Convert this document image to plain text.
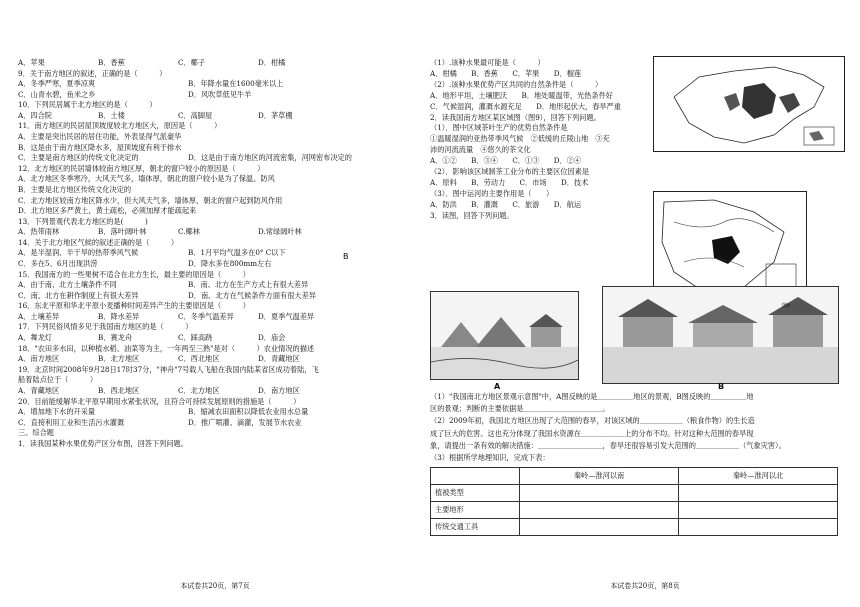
A．苹果	B．香蕉	C．椰子	D．柑橘
9．关于南方地区的叙述，正确的是（　　　）
A．冬季严寒，夏季凉爽	B．年降水量在1600毫米以上
C．山青水碧，鱼米之乡	D．风吹草低见牛羊
10．下列民居属于北方地区的是（　　　）
A．四合院	B．土楼	C．高脚屋	D．茅草棚
11．南方地区的民居屋顶坡度较北方地区大，原因是（　　　）
A．主要是突出民居的居住功能，外表显得气派豪华
B．这是由于南方地区降水多，屋顶坡度有利于排水
C．主要是南方地区的传统文化决定的	D．这是由于南方地区的河流密集，河网密布决定的
12．北方地区的民居墙体较南方地区厚，朝北的窗户较小的原因是（　　　）
A．北方地区冬季寒冷，大风天气多，墙体厚，朝北的窗户较小是为了保温、防风
B．主要是北方地区传统文化决定的
C．北方地区较南方地区降水少，但大风天气多，墙体厚，朝北的窗户起到防风作用
D．北方地区多严黄土，黄土疏松，必须加厚才能疏起来
13．下列景观代表北方地区的是(　　　)
A．热带雨林	B．落叶阔叶林	C.椰林	D.常绿阔叶林
14．关于北方地区气候的叙述正确的是（　　　）
A．是半湿润、半干旱的热带季风气候	B．1月平均气温多在0° C以下
C．多在5、6月出现洪涝	D．降水多在800mm左右
15．我国南方的一些果树不适合在北方生长，最主要的原因是（　　　）
A．由于南、北方土壤条件不同	B．南、北方在生产方式上有很大差异
C．南、北方在耕作制度上有很大差异	D．南、北方在气候条件方面有很大差异
16．东北平原和华北平原小麦播种时间差异产生的主要原因是（　　　）
A．土壤差异	B．降水差异	C．冬季气温差异	D．夏季气温差异
17．下列民俗风情多见于我国南方地区的是（　　　）
A．舞龙灯	B．赛龙舟	C．踩高跷	D．庙会
18．"农田多水田，以种植水稻、油菜等为主，一年两至三熟"是对（　　　）农业情况的描述
A．南方地区	B．北方地区	C．西北地区	D．青藏地区
19．北京时间2008年9月28日17时37分，"神舟"7号载人飞船在我国内陆某省区成功着陆，飞
船着陆点位于（　　　）
A．青藏地区	B．西北地区	C．北方地区	D．南方地区
20．目前能缓解华北平原早期用水紧张状况，且符合可持续发展原则的措施是（　　　）
A．增加地下水的开采量	B．缩减农田面积以降低农业用水总量
C．直接利用工业和生活污水灌溉	D．推广喷灌、滴灌，发展节水农业
三、综合题
1．读我国某种水果优势产区分布图，回答下列问题。
B
本试卷共20页，第7页
（1）.该种水果最可能是（　　　）
A．柑橘　　B．香蕉　　C．苹果　　D．榴莲
（2）.该种水果优势产区共同的自然条件是（　　　）
A．地形平坦，土壤肥沃　　B．地处暖温带，光热条件好
C．气候湿润，灌溉水源充足　　D．地形起伏大，春旱严重
2．读我国南方地区某区域图（图9），回答下列问题。
（1）．图中区域茶叶生产的优势自然条件是
①温暖湿润的亚热带季风气候　②低缓的丘陵山地　③充
沛的河流流量　④悠久的茶文化
A．①②　　B．③④　　C．①③　　D．②④
（2）．影响该区域制茶工业分布的主要区位因素是
A．原料　　B．劳动力　　C．市场　　D．技术
（3）．图中运河的主要作用是（　　）
A．防洪　　B．灌溉　　C．旅游　　D．航运
3．读图，回答下列问题。
图9
A	B
（1）"我国南北方地区景观示意图"中，A图反映的是＿＿＿＿＿地区的景观，B图反映的＿＿＿＿＿地
区的景观；判断的主要依据是＿＿＿＿＿＿＿＿＿＿＿。
（2）2009年初，我国北方地区出现了大范围的春旱，对该区域的＿＿＿＿＿＿（粮食作物）的生长造
成了巨大的危害。这也充分体现了我国水资源在＿＿＿＿＿＿上的分布不均。针对这种大范围的春旱现
象，请提出一条有效的解决措施：＿＿＿＿＿＿＿＿＿，春旱还很容易引发大范围的＿＿＿＿＿＿（气象灾害）。
（3）根据所学地理知识，完成下表：
	秦岭—淮河以南	秦岭—淮河以北
植被类型		
主要地形		
传统交通工具		
本试卷共20页，第8页
